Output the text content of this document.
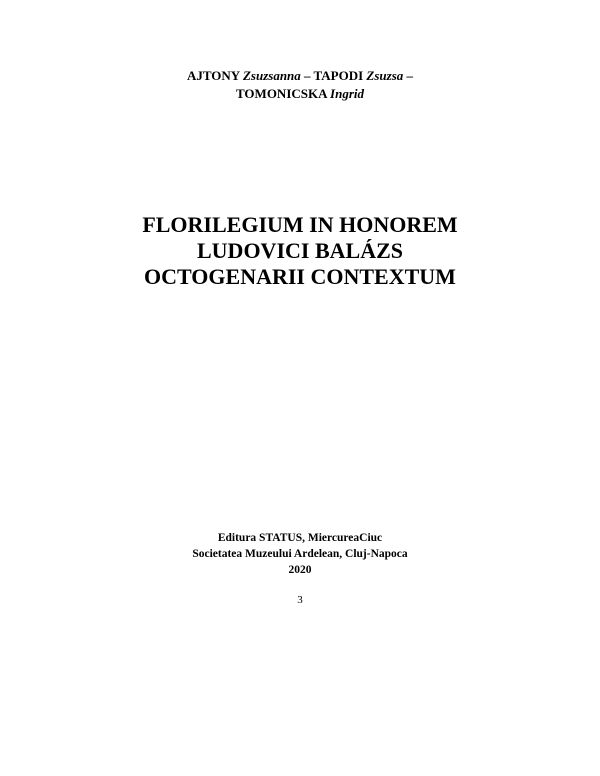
AJTONY Zsuzsanna – TAPODI Zsuzsa –
TOMONICSKA Ingrid
FLORILEGIUM IN HONOREM
LUDOVICI BALÁZS
OCTOGENARII CONTEXTUM
Editura STATUS, MiercureaCiuc
Societatea Muzeului Ardelean, Cluj-Napoca
2020
3
